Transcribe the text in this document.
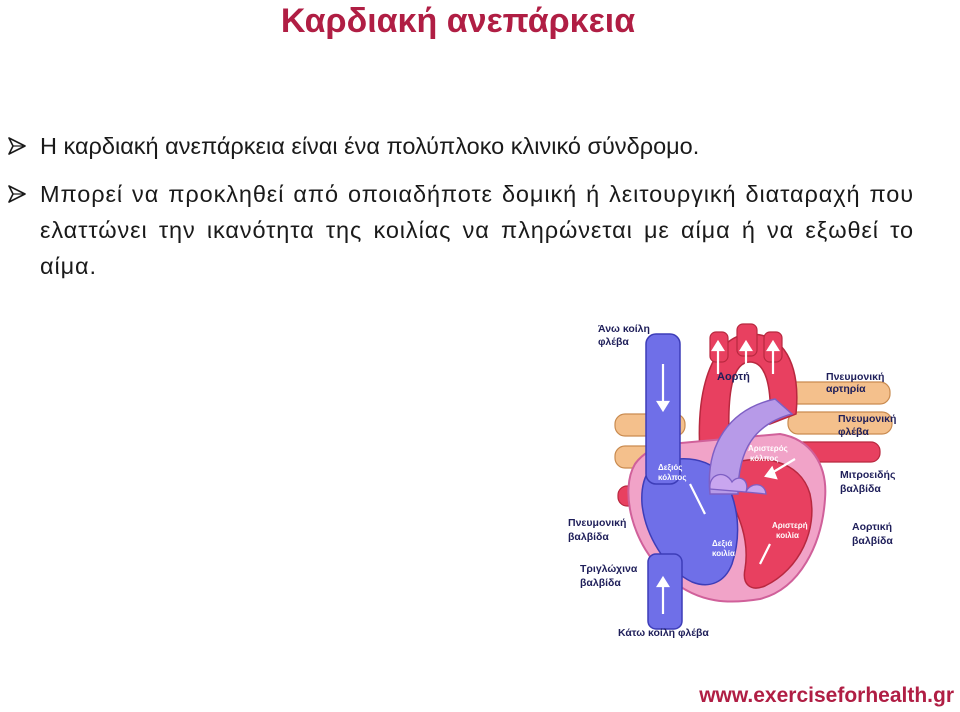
Καρδιακή ανεπάρκεια
Η καρδιακή ανεπάρκεια είναι ένα πολύπλοκο κλινικό σύνδρομο.
Μπορεί να προκληθεί από οποιαδήποτε δομική ή λειτουργική διαταραχή που ελαττώνει την ικανότητα της κοιλίας να πληρώνεται με αίμα ή να εξωθεί το αίμα.
Άνω κοίλη
φλέβα
Αορτή	Πνευμονική
αρτηρία
Πνευμονική
φλέβα
Αριστερός
κόλπος
Δεξιός
κόλπος	Μιτροειδής
βαλβίδα
Πνευμονική
βαλβίδα
Αορτική
βαλβίδα
Αριστερή
κοιλία
Δεξιά
κοιλία
Τριγλώχινα
βαλβίδα
Κάτω κοίλη φλέβα
www.exerciseforhealth.gr
